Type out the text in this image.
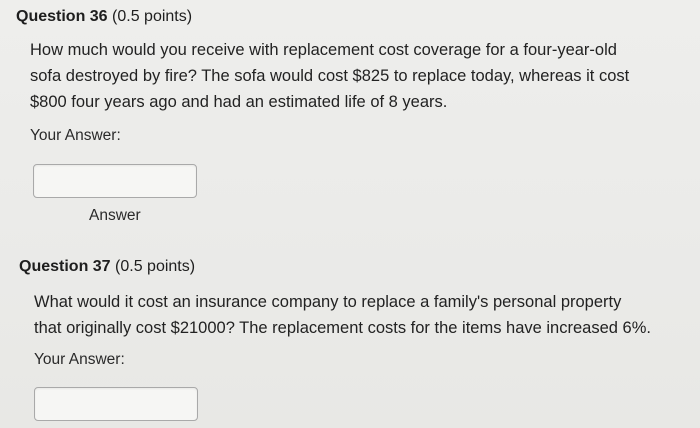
Question 36 (0.5 points)
How much would you receive with replacement cost coverage for a four-year-old
sofa destroyed by fire? The sofa would cost $825 to replace today, whereas it cost
$800 four years ago and had an estimated life of 8 years.
Your Answer:
Answer
Question 37 (0.5 points)
What would it cost an insurance company to replace a family's personal property
that originally cost $21000? The replacement costs for the items have increased 6%.
Your Answer:
